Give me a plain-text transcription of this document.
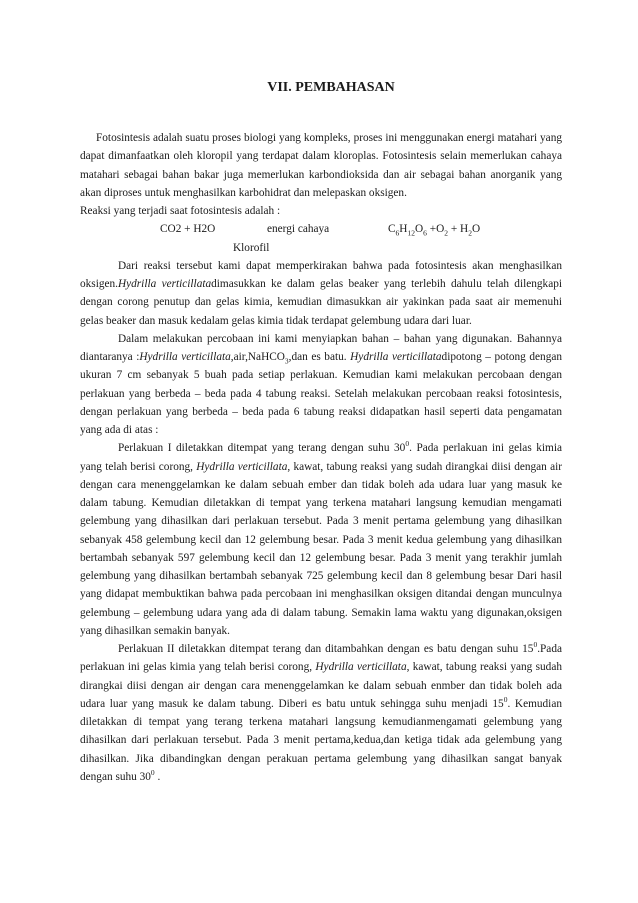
VII. PEMBAHASAN

Fotosintesis adalah suatu proses biologi yang kompleks, proses ini menggunakan energi matahari yang dapat dimanfaatkan oleh kloropil yang terdapat dalam kloroplas. Fotosintesis selain memerlukan cahaya matahari sebagai bahan bakar juga memerlukan karbondioksida dan air sebagai bahan anorganik yang akan diproses untuk menghasilkan karbohidrat dan melepaskan oksigen.

Reaksi yang terjadi saat fotosintesis adalah :

CO2 + H2O	energi cahaya	$C_6H_{12}O_6 +O_2 + H_2O$
Klorofil

Dari reaksi tersebut kami dapat memperkirakan bahwa pada fotosintesis akan menghasilkan oksigen.Hydrilla verticillatadimasukkan ke dalam gelas beaker yang terlebih dahulu telah dilengkapi dengan corong penutup dan gelas kimia, kemudian dimasukkan air yakinkan pada saat air memenuhi gelas beaker dan masuk kedalam gelas kimia tidak terdapat gelembung udara dari luar.

Dalam melakukan percobaan ini kami menyiapkan bahan – bahan yang digunakan. Bahannya diantaranya :Hydrilla verticillata,air,NaHCO$_3$,dan es batu. Hydrilla verticillatadipotong – potong dengan ukuran 7 cm sebanyak 5 buah pada setiap perlakuan. Kemudian kami melakukan percobaan dengan perlakuan yang berbeda – beda pada 4 tabung reaksi. Setelah melakukan percobaan reaksi fotosintesis, dengan perlakuan yang berbeda – beda pada 6 tabung reaksi didapatkan hasil seperti data pengamatan yang ada di atas :

Perlakuan I diletakkan ditempat yang terang dengan suhu $30^0$. Pada perlakuan ini gelas kimia yang telah berisi corong, Hydrilla verticillata, kawat, tabung reaksi yang sudah dirangkai diisi dengan air dengan cara menenggelamkan ke dalam sebuah ember dan tidak boleh ada udara luar yang masuk ke dalam tabung. Kemudian diletakkan di tempat yang terkena matahari langsung kemudian mengamati gelembung yang dihasilkan dari perlakuan tersebut. Pada 3 menit pertama gelembung yang dihasilkan sebanyak 458 gelembung kecil dan 12 gelembung besar. Pada 3 menit kedua gelembung yang dihasilkan bertambah sebanyak 597 gelembung kecil dan 12 gelembung besar. Pada 3 menit yang terakhir jumlah gelembung yang dihasilkan bertambah sebanyak 725 gelembung kecil dan 8 gelembung besar Dari hasil yang didapat membuktikan bahwa pada percobaan ini menghasilkan oksigen ditandai dengan munculnya gelembung – gelembung udara yang ada di dalam tabung. Semakin lama waktu yang digunakan,oksigen yang dihasilkan semakin banyak.

Perlakuan II diletakkan ditempat terang dan ditambahkan dengan es batu dengan suhu $15^0.Pada$ perlakuan ini gelas kimia yang telah berisi corong, Hydrilla verticillata, kawat, tabung reaksi yang sudah dirangkai diisi dengan air dengan cara menenggelamkan ke dalam sebuah enmber dan tidak boleh ada udara luar yang masuk ke dalam tabung. Diberi es batu untuk sehingga suhu menjadi $15^0$. Kemudian diletakkan di tempat yang terang terkena matahari langsung kemudianmengamati gelembung yang dihasilkan dari perlakuan tersebut. Pada 3 menit pertama,kedua,dan ketiga tidak ada gelembung yang dihasilkan. Jika dibandingkan dengan perakuan pertama gelembung yang dihasilkan sangat banyak dengan suhu $30^0$ .
